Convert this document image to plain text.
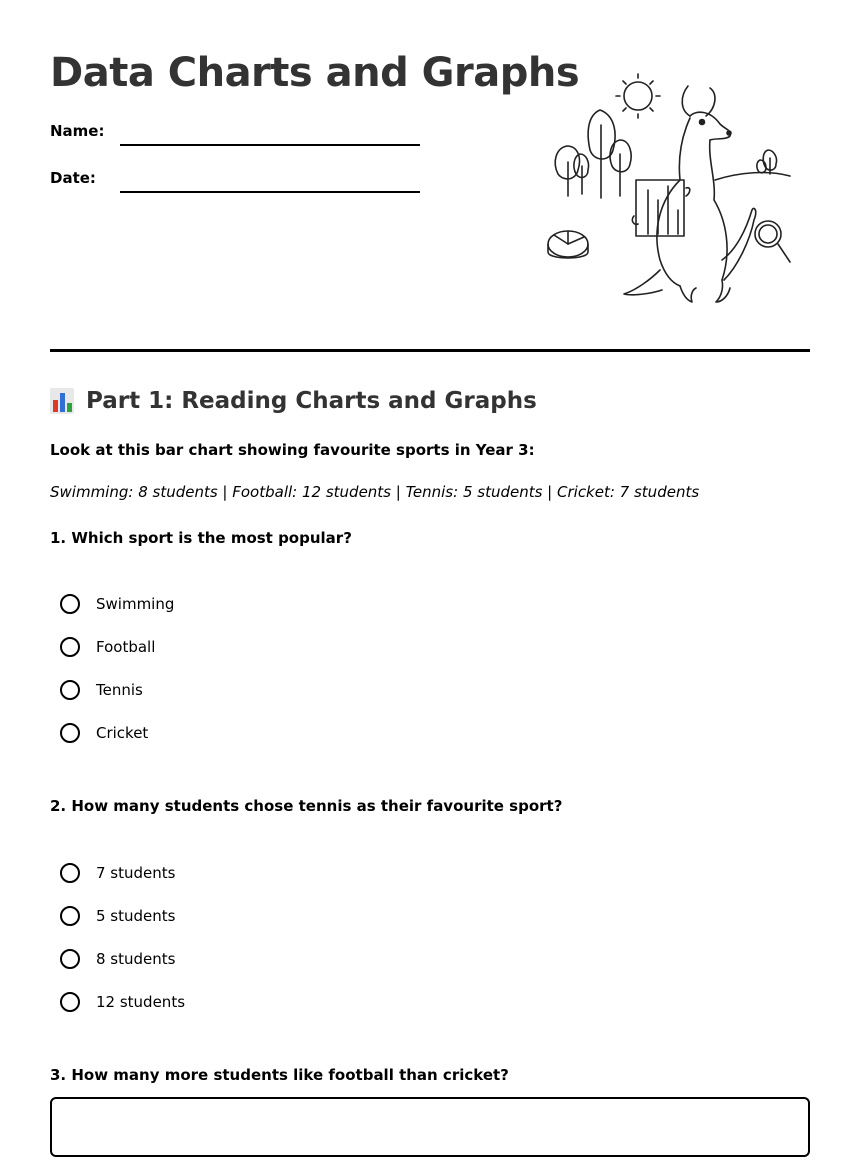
Data Charts and Graphs
Name:
Date:
Part 1: Reading Charts and Graphs
Look at this bar chart showing favourite sports in Year 3:
Swimming: 8 students | Football: 12 students | Tennis: 5 students | Cricket: 7 students
1. Which sport is the most popular?
Swimming
Football
Tennis
Cricket
2. How many students chose tennis as their favourite sport?
7 students
5 students
8 students
12 students
3. How many more students like football than cricket?
